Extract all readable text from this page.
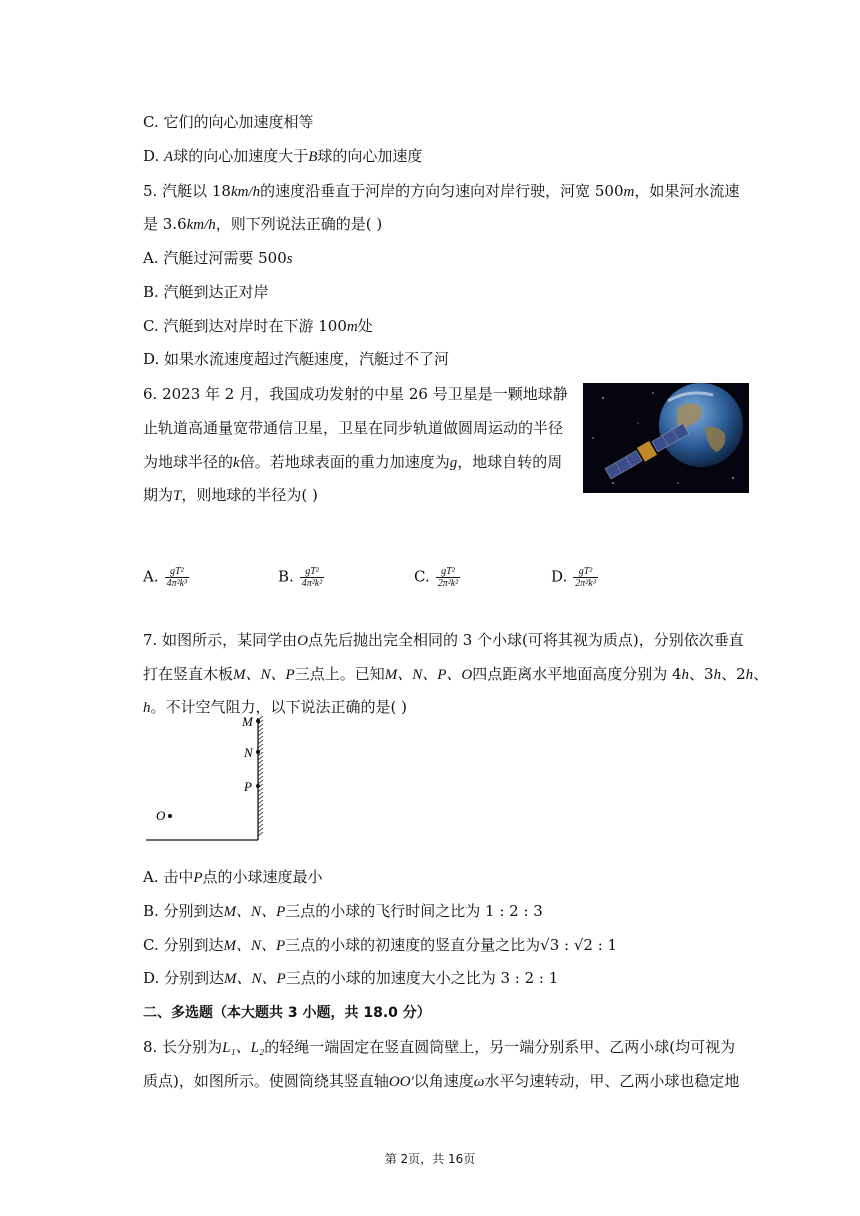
C. 它们的向心加速度相等
D. A球的向心加速度大于B球的向心加速度
5. 汽艇以 18km/h的速度沿垂直于河岸的方向匀速向对岸行驶，河宽 500m，如果河水流速
是 3.6km/h，则下列说法正确的是( )
A. 汽艇过河需要 500s
B. 汽艇到达正对岸
C. 汽艇到达对岸时在下游 100m处
D. 如果水流速度超过汽艇速度，汽艇过不了河
6. 2023 年 2 月，我国成功发射的中星 26 号卫星是一颗地球静
止轨道高通量宽带通信卫星，卫星在同步轨道做圆周运动的半径
为地球半径的k倍。若地球表面的重力加速度为g，地球自转的周
期为T，则地球的半径为( )
A. $\frac{\text{gT²}}{\text{4π²k³}}$	B. $\frac{\text{gT²}}{\text{4π²k²}}$	C. $\frac{\text{gT²}}{\text{2π²k²}}$	D. $\frac{\text{gT²}}{\text{2π²k³}}$
7. 如图所示，某同学由O点先后抛出完全相同的 3 个小球(可将其视为质点)，分别依次垂直
打在竖直木板M、N、P三点上。已知M、N、P、O四点距离水平地面高度分别为 4h、3h、2h、
h。不计空气阻力，以下说法正确的是( )
M
N
P
O
A. 击中P点的小球速度最小
B. 分别到达M、N、P三点的小球的飞行时间之比为 1 : 2 : 3
C. 分别到达M、N、P三点的小球的初速度的竖直分量之比为√3 : √2 : 1
D. 分别到达M、N、P三点的小球的加速度大小之比为 3 : 2 : 1
二、多选题（本大题共 3 小题，共 18.0 分）
8. 长分别为L₁、L₂的轻绳一端固定在竖直圆筒壁上，另一端分别系甲、乙两小球(均可视为
质点)，如图所示。使圆筒绕其竖直轴OO'以角速度ω水平匀速转动，甲、乙两小球也稳定地
第 2页，共 16页
